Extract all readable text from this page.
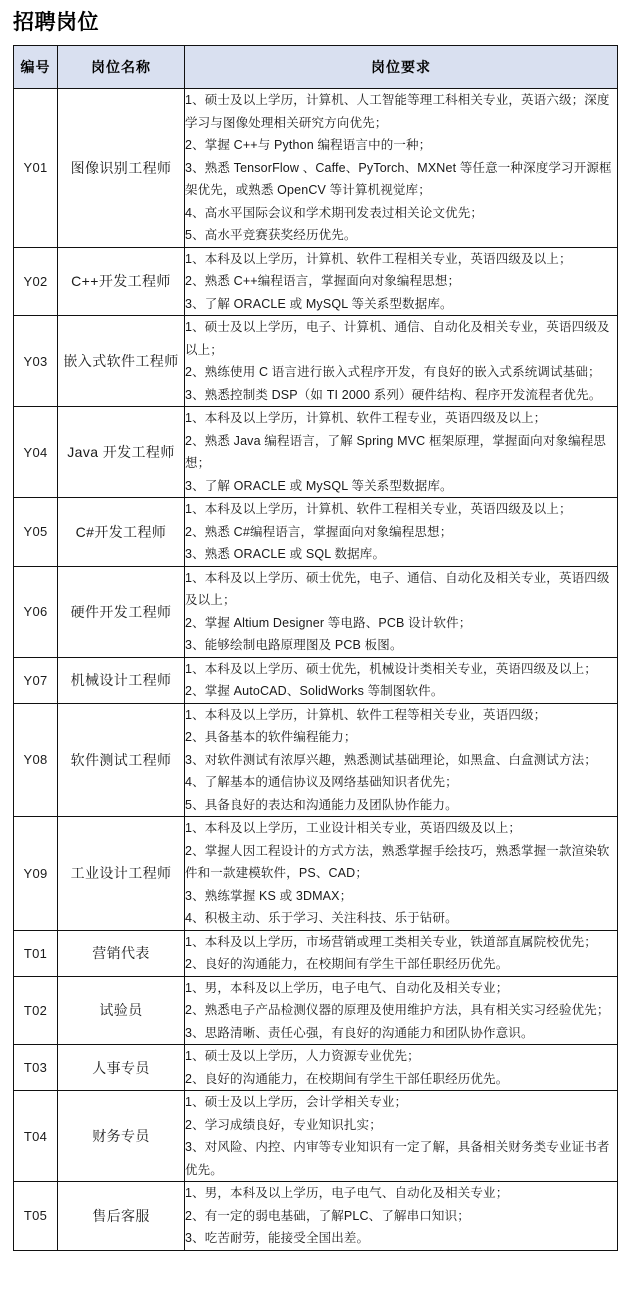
招聘岗位
编号	岗位名称	岗位要求
Y01	图像识别工程师	1、硕士及以上学历，计算机、人工智能等理工科相关专业，英语六级；深度学习与图像处理相关研究方向优先；
2、掌握 C++与 Python 编程语言中的一种；
3、熟悉 TensorFlow 、Caffe、PyTorch、MXNet 等任意一种深度学习开源框架优先，或熟悉 OpenCV 等计算机视觉库；
4、高水平国际会议和学术期刊发表过相关论文优先；
5、高水平竞赛获奖经历优先。

Y02	C++开发工程师	1、本科及以上学历，计算机、软件工程相关专业，英语四级及以上；
2、熟悉 C++编程语言，掌握面向对象编程思想；
3、了解 ORACLE 或 MySQL 等关系型数据库。

Y03	嵌入式软件工程师	1、硕士及以上学历，电子、计算机、通信、自动化及相关专业，英语四级及以上；
2、熟练使用 C 语言进行嵌入式程序开发，有良好的嵌入式系统调试基础；
3、熟悉控制类 DSP（如 TI 2000 系列）硬件结构、程序开发流程者优先。

Y04	Java 开发工程师	1、本科及以上学历，计算机、软件工程专业，英语四级及以上；
2、熟悉 Java 编程语言，了解 Spring MVC 框架原理，掌握面向对象编程思想；
3、了解 ORACLE 或 MySQL 等关系型数据库。

Y05	C#开发工程师	1、本科及以上学历，计算机、软件工程相关专业，英语四级及以上；
2、熟悉 C#编程语言，掌握面向对象编程思想；
3、熟悉 ORACLE 或 SQL 数据库。

Y06	硬件开发工程师	1、本科及以上学历、硕士优先，电子、通信、自动化及相关专业，英语四级及以上；
2、掌握 Altium Designer 等电路、PCB 设计软件；
3、能够绘制电路原理图及 PCB 板图。

Y07	机械设计工程师	1、本科及以上学历、硕士优先，机械设计类相关专业，英语四级及以上；
2、掌握 AutoCAD、SolidWorks 等制图软件。

Y08	软件测试工程师	1、本科及以上学历，计算机、软件工程等相关专业，英语四级；
2、具备基本的软件编程能力；
3、对软件测试有浓厚兴趣，熟悉测试基础理论，如黑盒、白盒测试方法；
4、了解基本的通信协议及网络基础知识者优先；
5、具备良好的表达和沟通能力及团队协作能力。

Y09	工业设计工程师	1、本科及以上学历，工业设计相关专业，英语四级及以上；
2、掌握人因工程设计的方式方法，熟悉掌握手绘技巧，熟悉掌握一款渲染软件和一款建模软件，PS、CAD；
3、熟练掌握 KS 或 3DMAX；
4、积极主动、乐于学习、关注科技、乐于钻研。

T01	营销代表	1、本科及以上学历，市场营销或理工类相关专业，铁道部直属院校优先；
2、良好的沟通能力，在校期间有学生干部任职经历优先。

T02	试验员	1、男，本科及以上学历，电子电气、自动化及相关专业；
2、熟悉电子产品检测仪器的原理及使用维护方法，具有相关实习经验优先；
3、思路清晰、责任心强，有良好的沟通能力和团队协作意识。

T03	人事专员	1、硕士及以上学历，人力资源专业优先；
2、良好的沟通能力，在校期间有学生干部任职经历优先。

T04	财务专员	1、硕士及以上学历，会计学相关专业；
2、学习成绩良好，专业知识扎实；
3、对风险、内控、内审等专业知识有一定了解，具备相关财务类专业证书者优先。

T05	售后客服	1、男，本科及以上学历，电子电气、自动化及相关专业；
2、有一定的弱电基础，了解PLC、了解串口知识；
3、吃苦耐劳，能接受全国出差。
